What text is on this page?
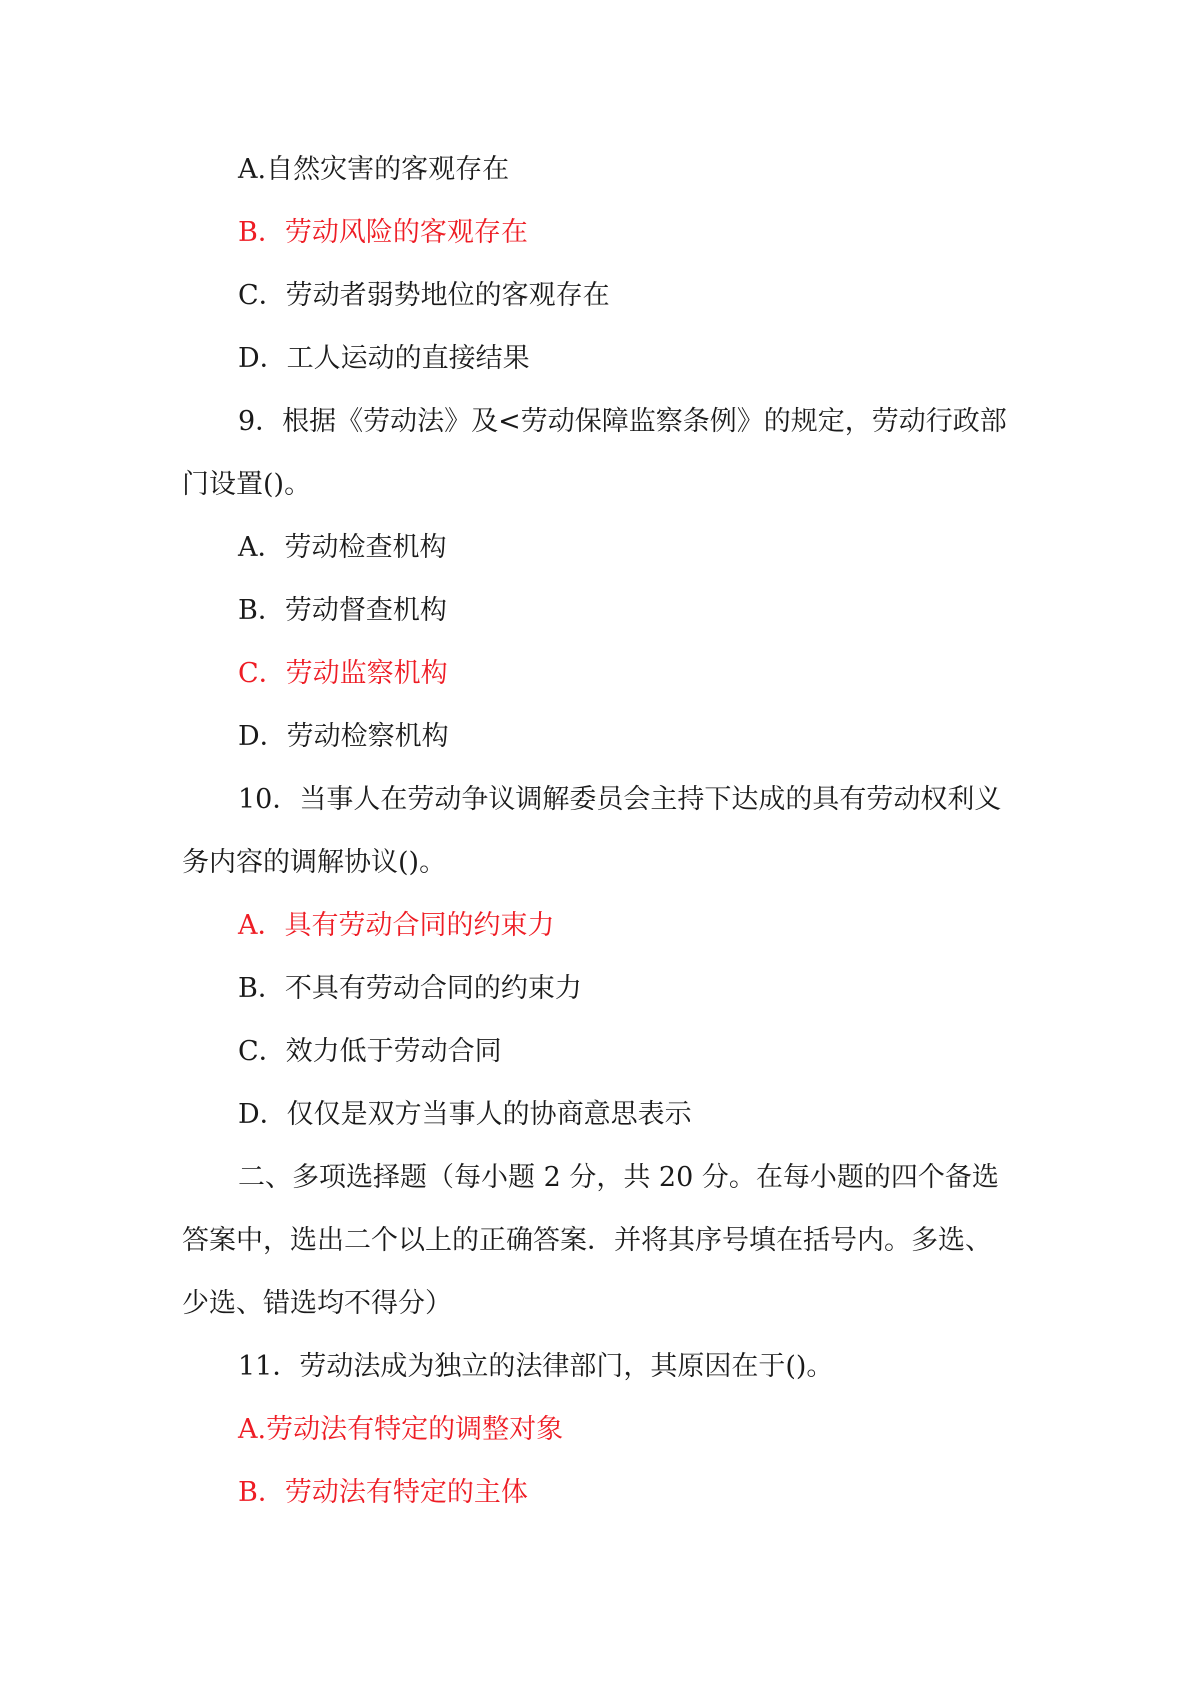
A.自然灾害的客观存在
B．劳动风险的客观存在
C．劳动者弱势地位的客观存在
D．工人运动的直接结果
9．根据《劳动法》及<劳动保障监察条例》的规定，劳动行政部
门设置()。
A．劳动检查机构
B．劳动督查机构
C．劳动监察机构
D．劳动检察机构
10．当事人在劳动争议调解委员会主持下达成的具有劳动权利义
务内容的调解协议()。
A．具有劳动合同的约束力
B．不具有劳动合同的约束力
C．效力低于劳动合同
D．仅仅是双方当事人的协商意思表示
二、多项选择题（每小题 2 分，共 20 分。在每小题的四个备选
答案中，选出二个以上的正确答案．并将其序号填在括号内。多选、
少选、错选均不得分）
11．劳动法成为独立的法律部门，其原因在于()。
A.劳动法有特定的调整对象
B．劳动法有特定的主体
